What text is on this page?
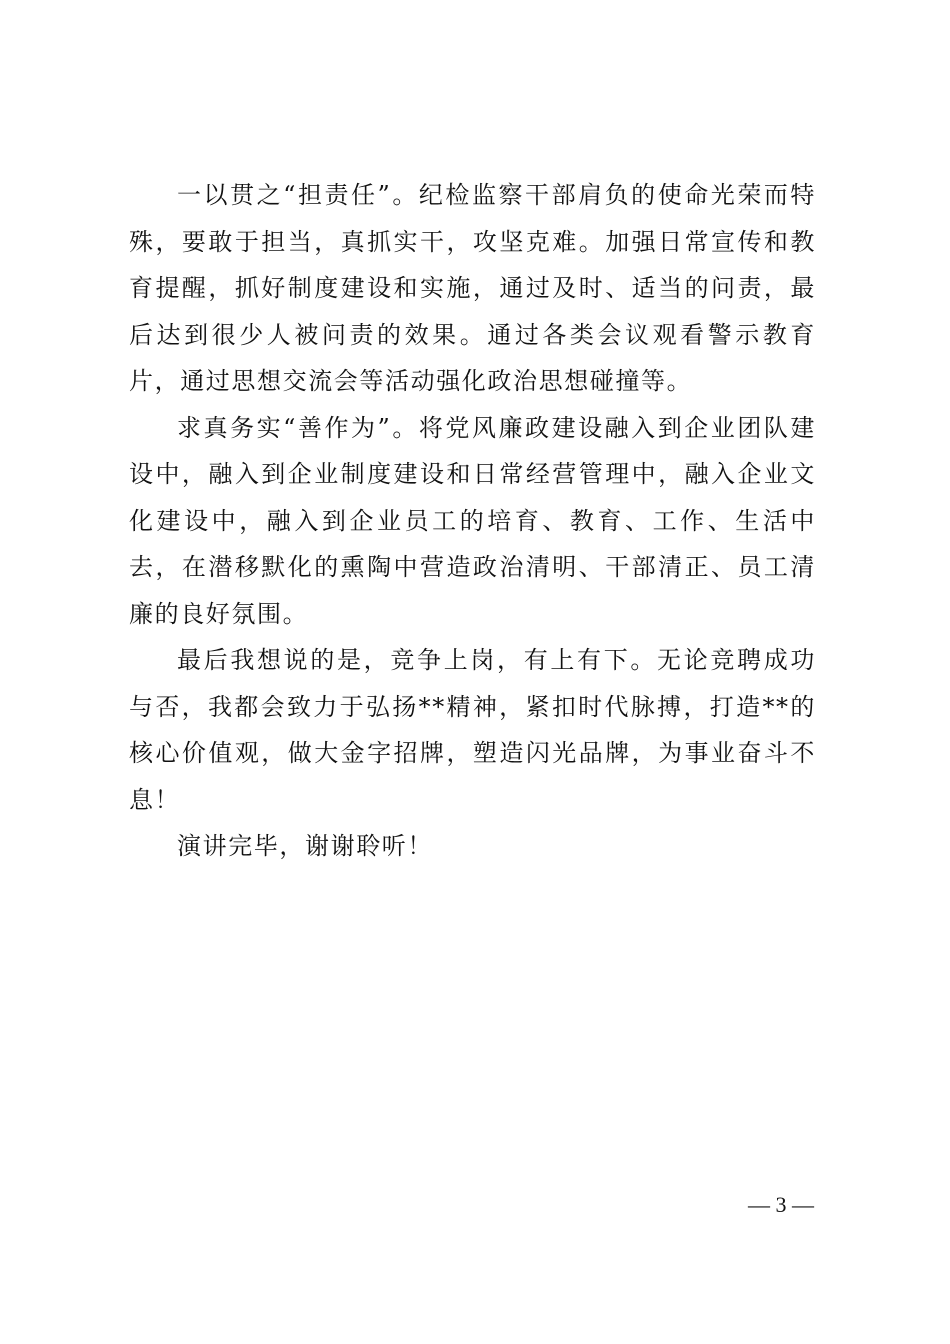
一以贯之“担责任”。纪检监察干部肩负的使命光荣而特殊，要敢于担当，真抓实干，攻坚克难。加强日常宣传和教育提醒，抓好制度建设和实施，通过及时、适当的问责，最后达到很少人被问责的效果。通过各类会议观看警示教育片，通过思想交流会等活动强化政治思想碰撞等。

求真务实“善作为”。将党风廉政建设融入到企业团队建设中，融入到企业制度建设和日常经营管理中，融入企业文化建设中，融入到企业员工的培育、教育、工作、生活中去，在潜移默化的熏陶中营造政治清明、干部清正、员工清廉的良好氛围。

最后我想说的是，竞争上岗，有上有下。无论竞聘成功与否，我都会致力于弘扬**精神，紧扣时代脉搏，打造**的核心价值观，做大金字招牌，塑造闪光品牌，为事业奋斗不息！

演讲完毕，谢谢聆听！

— 3 —
